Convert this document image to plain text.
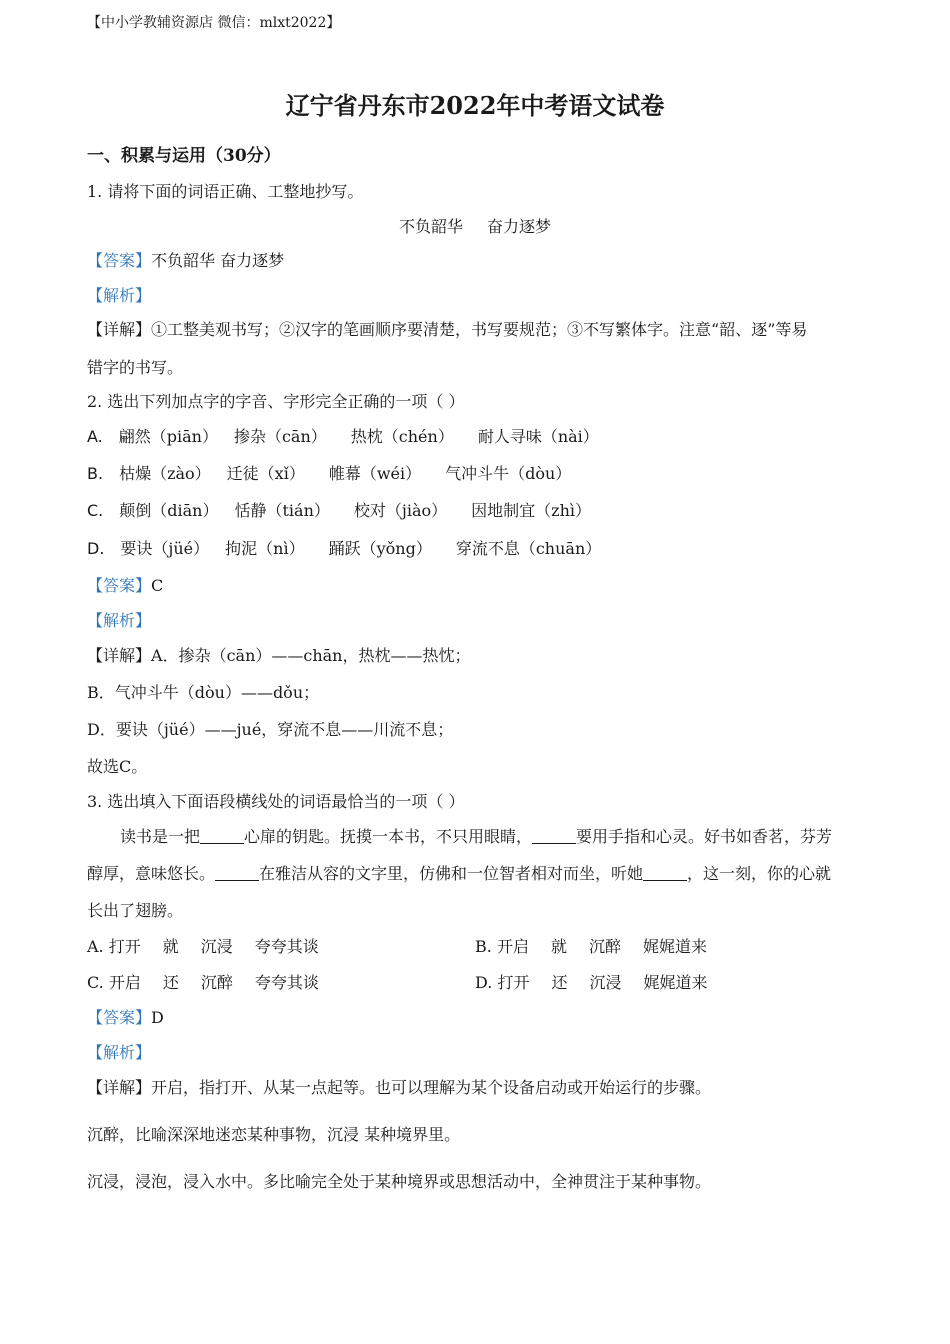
【中小学教辅资源店 微信：mlxt2022】
辽宁省丹东市2022年中考语文试卷
一、积累与运用（30分）
1. 请将下面的词语正确、工整地抄写。
不负韶华 奋力逐梦
【答案】不负韶华 奋力逐梦
【解析】
【详解】①工整美观书写；②汉字的笔画顺序要清楚，书写要规范；③不写繁体字。注意“韶、逐”等易
错字的书写。
2. 选出下列加点字的字音、字形完全正确的一项（ ）
A. 翩然（piān） 掺杂（cān） 热枕（chén） 耐人寻味（nài）
B. 枯燥（zào） 迁徒（xǐ） 帷幕（wéi） 气冲斗牛（dòu）
C. 颠倒（diān） 恬静（tián） 校对（jiào） 因地制宜（zhì）
D. 要诀（jüé） 拘泥（nì） 踊跃（yǒng） 穿流不息（chuān）
【答案】C
【解析】
【详解】A．掺杂（cān）——chān，热枕——热忱；
B．气冲斗牛（dòu）——dǒu；
D．要诀（jüé）——jué，穿流不息——川流不息；
故选C。
3. 选出填入下面语段横线处的词语最恰当的一项（ ）
读书是一把	心扉的钥匙。抚摸一本书，不只用眼睛，	要用手指和心灵。好书如香茗，芬芳
醇厚，意味悠长。	在雅洁从容的文字里，仿佛和一位智者相对而坐，听她	，这一刻，你的心就
长出了翅膀。
A. 打开 就 沉浸 夸夸其谈	B. 开启 就 沉醉 娓娓道来
C. 开启 还 沉醉 夸夸其谈	D. 打开 还 沉浸 娓娓道来
【答案】D
【解析】
【详解】开启，指打开、从某一点起等。也可以理解为某个设备启动或开始运行的步骤。
沉醉，比喻深深地迷恋某种事物，沉浸 某种境界里。
沉浸，浸泡，浸入水中。多比喻完全处于某种境界或思想活动中，全神贯注于某种事物。
